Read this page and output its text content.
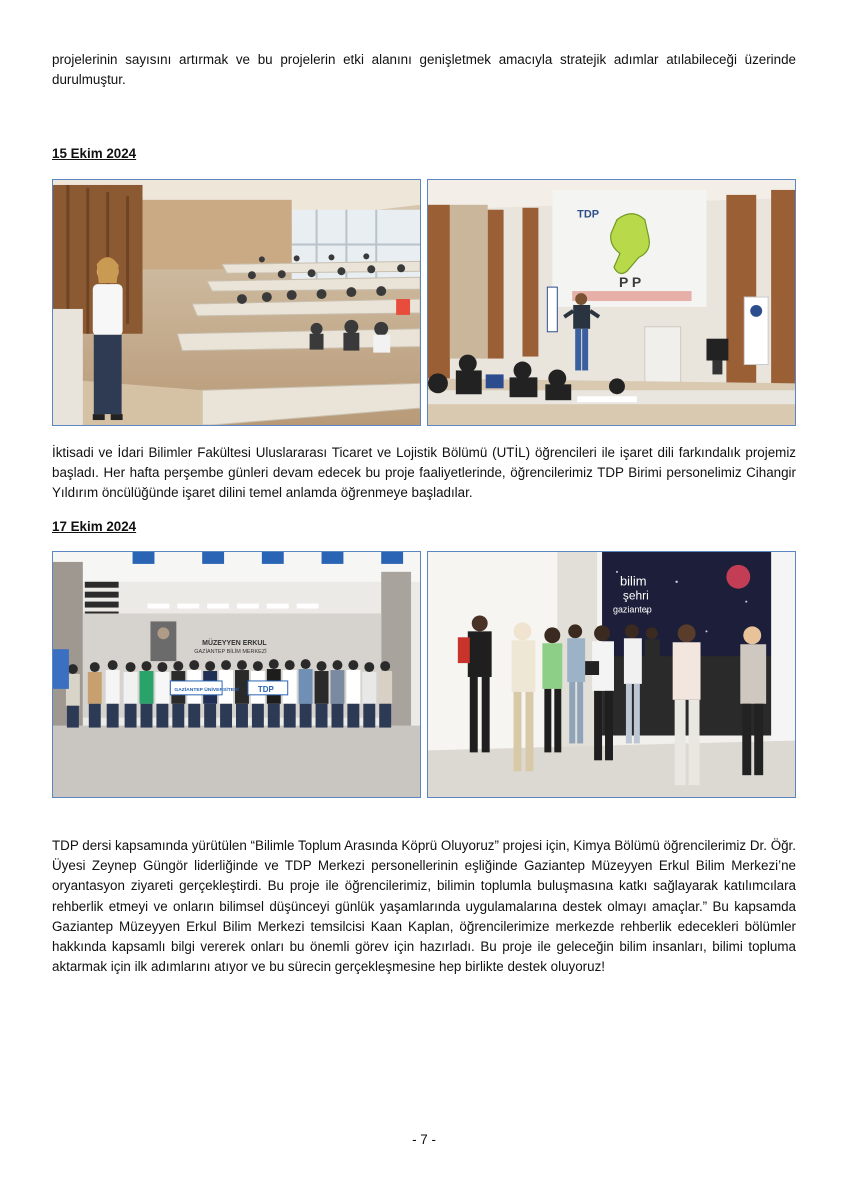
projelerinin sayısını artırmak ve bu projelerin etki alanını genişletmek amacıyla stratejik adımlar atılabileceği üzerinde durulmuştur.

15 Ekim 2024

TDP
P P

İktisadi ve İdari Bilimler Fakültesi Uluslararası Ticaret ve Lojistik Bölümü (UTİL) öğrencileri ile işaret dili farkındalık projemiz başladı. Her hafta perşembe günleri devam edecek bu proje faaliyetlerinde, öğrencilerimiz TDP Birimi personelimiz Cihangir Yıldırım öncülüğünde işaret dilini temel anlamda öğrenmeye başladılar.

17 Ekim 2024

MÜZEYYEN ERKUL
GAZİANTEP BİLİM MERKEZİ
GAZİANTEP ÜNİVERSİTESİ TDP
bilim
şehri
gaziantep

TDP dersi kapsamında yürütülen “Bilimle Toplum Arasında Köprü Oluyoruz” projesi için, Kimya Bölümü öğrencilerimiz Dr. Öğr. Üyesi Zeynep Güngör liderliğinde ve TDP Merkezi personellerinin eşliğinde Gaziantep Müzeyyen Erkul Bilim Merkezi’ne oryantasyon ziyareti gerçekleştirdi. Bu proje ile öğrencilerimiz, bilimin toplumla buluşmasına katkı sağlayarak katılımcılara rehberlik etmeyi ve onların bilimsel düşünceyi günlük yaşamlarında uygulamalarına destek olmayı amaçlar.” Bu kapsamda Gaziantep Müzeyyen Erkul Bilim Merkezi temsilcisi Kaan Kaplan, öğrencilerimize merkezde rehberlik edecekleri bölümler hakkında kapsamlı bilgi vererek onları bu önemli görev için hazırladı. Bu proje ile geleceğin bilim insanları, bilimi topluma aktarmak için ilk adımlarını atıyor ve bu sürecin gerçekleşmesine hep birlikte destek oluyoruz!

- 7 -
